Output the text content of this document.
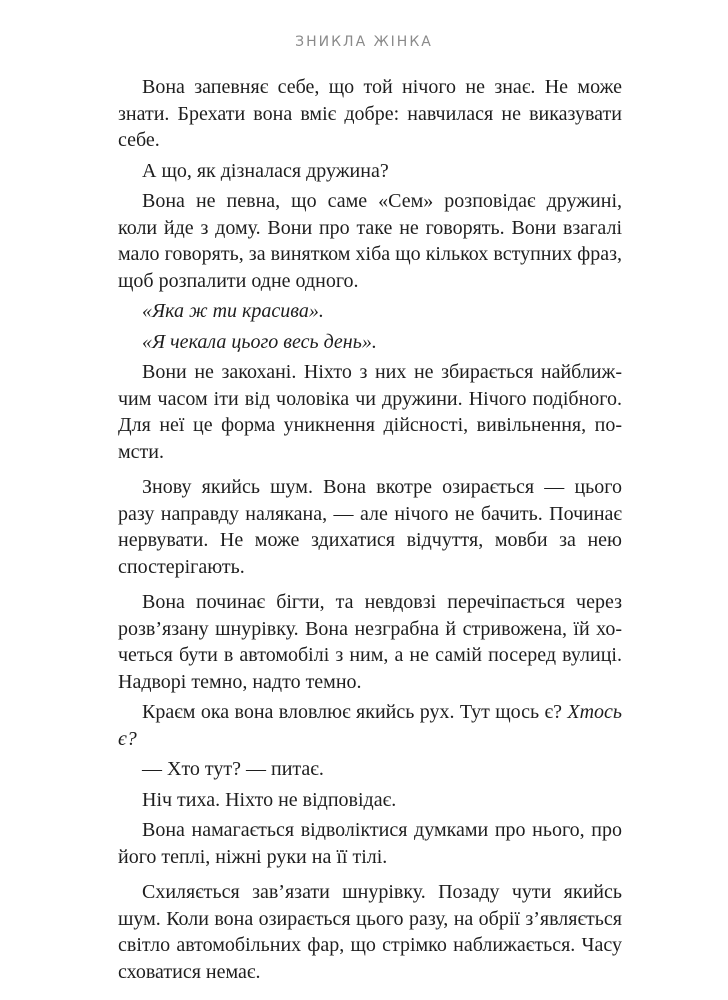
ЗНИКЛА ЖІНКА

Вона запевняє себе, що той нічого не знає. Не може знати. Брехати вона вміє добре: навчилася не виказувати себе.

А що, як дізналася дружина?

Вона не певна, що саме «Сем» розповідає дружині, коли йде з дому. Вони про таке не говорять. Вони взагалі мало говорять, за винятком хіба що кількох вступних фраз, щоб розпалити одне одного.

«Яка ж ти красива».

«Я чекала цього весь день».

Вони не закохані. Ніхто з них не збирається найближчим часом іти від чоловіка чи дружини. Нічого подібного. Для неї це форма уникнення дійсності, вивільнення, помсти.

Знову якийсь шум. Вона вкотре озирається — цього разу направду налякана, — але нічого не бачить. Починає нервувати. Не може здихатися відчуття, мовби за нею спостерігають.

Вона починає бігти, та невдовзі перечіпається через розв’язану шнурівку. Вона незграбна й стривожена, їй хочеться бути в автомобілі з ним, а не самій посеред вулиці. Надворі темно, надто темно.

Краєм ока вона вловлює якийсь рух. Тут щось є? Хтось є?

— Хто тут? — питає.

Ніч тиха. Ніхто не відповідає.

Вона намагається відволіктися думками про нього, про його теплі, ніжні руки на її тілі.

Схиляється зав’язати шнурівку. Позаду чути якийсь шум. Коли вона озирається цього разу, на обрії з’являється світло автомобільних фар, що стрімко наближається. Часу сховатися немає.
